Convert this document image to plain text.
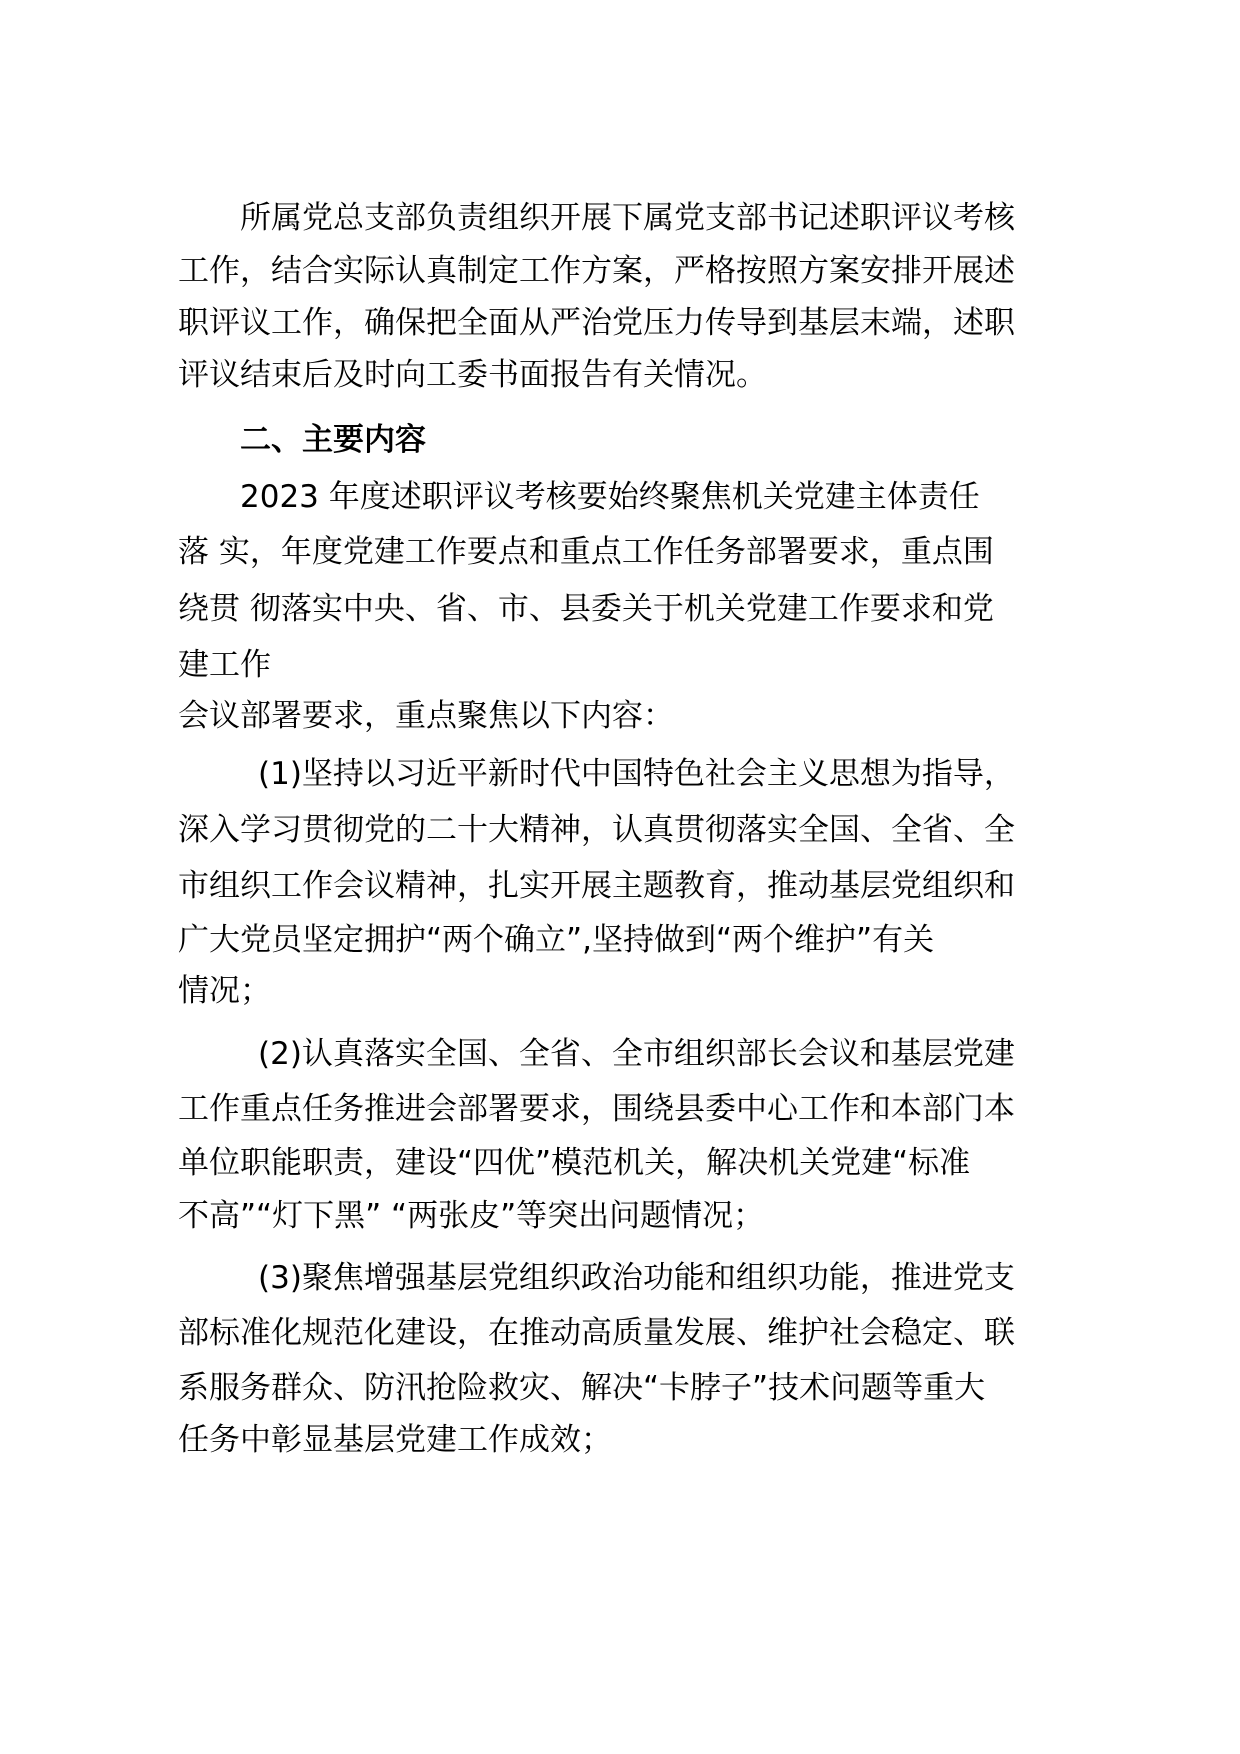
所属党总支部负责组织开展下属党支部书记述职评议考核

工作，结合实际认真制定工作方案，严格按照方案安排开展述

职评议工作，确保把全面从严治党压力传导到基层末端，述职

评议结束后及时向工委书面报告有关情况。

二、主要内容

2023 年度述职评议考核要始终聚焦机关党建主体责任

落 实，年度党建工作要点和重点工作任务部署要求，重点围

绕贯 彻落实中央、省、市、县委关于机关党建工作要求和党

建工作

会议部署要求，重点聚焦以下内容：

(1)坚持以习近平新时代中国特色社会主义思想为指导，

深入学习贯彻党的二十大精神，认真贯彻落实全国、全省、全

市组织工作会议精神，扎实开展主题教育，推动基层党组织和

广大党员坚定拥护“两个确立”,坚持做到“两个维护”有关

情况；

(2)认真落实全国、全省、全市组织部长会议和基层党建

工作重点任务推进会部署要求，围绕县委中心工作和本部门本

单位职能职责，建设“四优”模范机关，解决机关党建“标准

不高”“灯下黑” “两张皮”等突出问题情况；

(3)聚焦增强基层党组织政治功能和组织功能，推进党支

部标准化规范化建设，在推动高质量发展、维护社会稳定、联

系服务群众、防汛抢险救灾、解决“卡脖子”技术问题等重大

任务中彰显基层党建工作成效；
